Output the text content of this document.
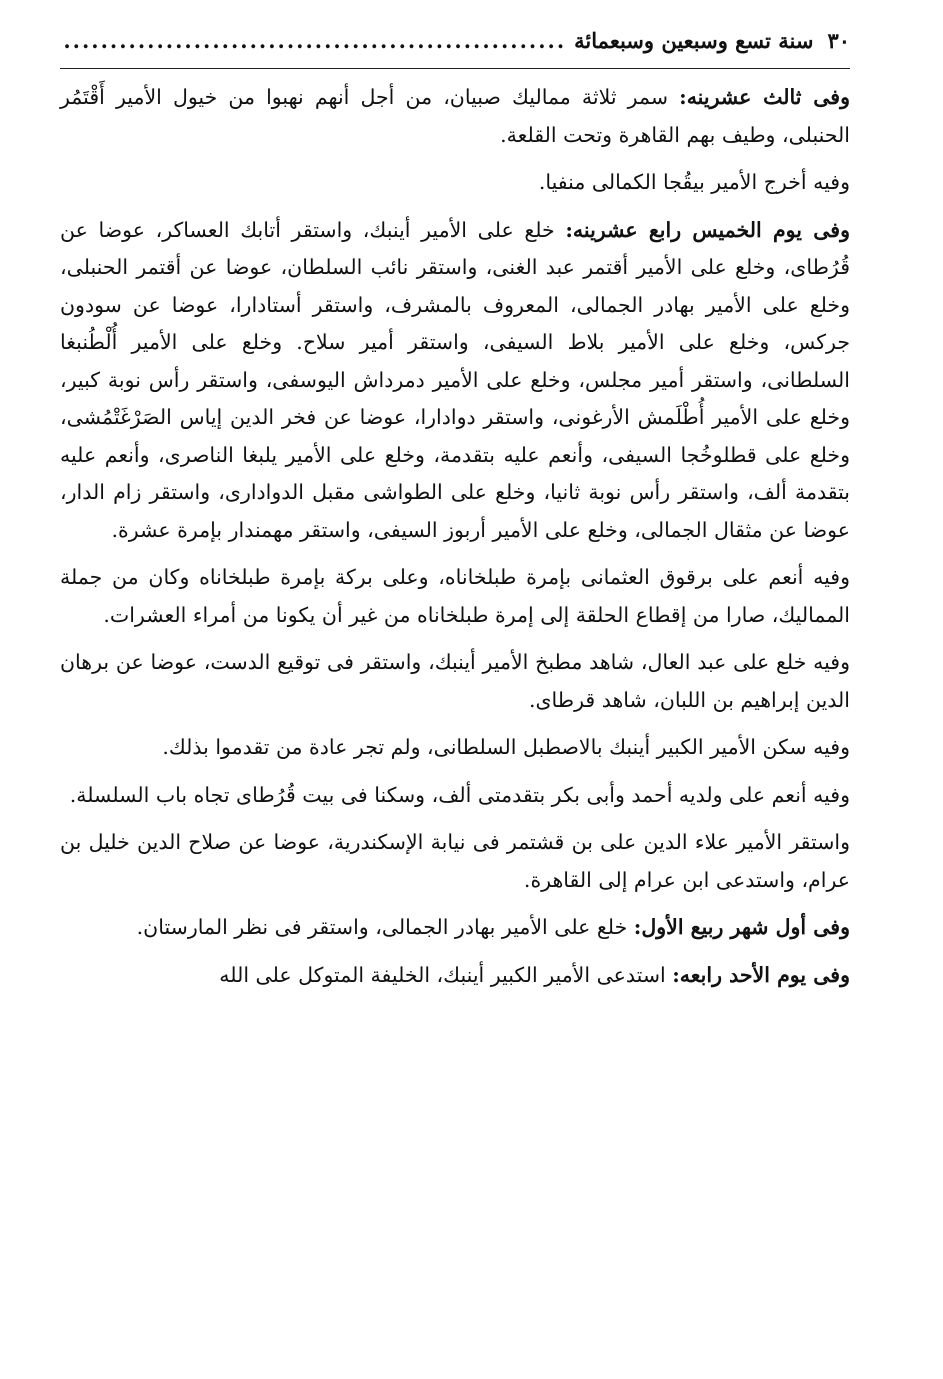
٣٠
سنة تسع وسبعين وسبعمائة
.....

وفى ثالث عشرينه: سمر ثلاثة مماليك صبيان، من أجل أنهم نهبوا من خيول الأمير أَقْتَمُر الحنبلى، وطيف بهم القاهرة وتحت القلعة.

وفيه أخرج الأمير بيقُجا الكمالى منفيا.

وفى يوم الخميس رابع عشرينه: خلع على الأمير أينبك، واستقر أتابك العساكر، عوضا عن قُرُطاى، وخلع على الأمير أقتمر عبد الغنى، واستقر نائب السلطان، عوضا عن أقتمر الحنبلى، وخلع على الأمير بهادر الجمالى، المعروف بالمشرف، واستقر أستادارا، عوضا عن سودون جركس، وخلع على الأمير بلاط السيفى، واستقر أمير سلاح. وخلع على الأمير أُلْطُنبغا السلطانى، واستقر أمير مجلس، وخلع على الأمير دمرداش اليوسفى، واستقر رأس نوبة كبير، وخلع على الأمير أُطْلَمش الأرغونى، واستقر دوادارا، عوضا عن فخر الدين إياس الصَرْغَتْمُشى، وخلع على قطلوخُجا السيفى، وأنعم عليه بتقدمة، وخلع على الأمير يلبغا الناصرى، وأنعم عليه بتقدمة ألف، واستقر رأس نوبة ثانيا، وخلع على الطواشى مقبل الدوادارى، واستقر زام الدار، عوضا عن مثقال الجمالى، وخلع على الأمير أربوز السيفى، واستقر مهمندار بإمرة عشرة.

وفيه أنعم على برقوق العثمانى بإمرة طبلخاناه، وعلى بركة بإمرة طبلخاناه وكان من جملة المماليك، صارا من إقطاع الحلقة إلى إمرة طبلخاناه من غير أن يكونا من أمراء العشرات.

وفيه خلع على عبد العال، شاهد مطبخ الأمير أينبك، واستقر فى توقيع الدست، عوضا عن برهان الدين إبراهيم بن اللبان، شاهد قرطاى.

وفيه سكن الأمير الكبير أينبك بالاصطبل السلطانى، ولم تجر عادة من تقدموا بذلك.

وفيه أنعم على ولديه أحمد وأبى بكر بتقدمتى ألف، وسكنا فى بيت قُرُطاى تجاه باب السلسلة.

واستقر الأمير علاء الدين على بن قشتمر فى نيابة الإسكندرية، عوضا عن صلاح الدين خليل بن عرام، واستدعى ابن عرام إلى القاهرة.

وفى أول شهر ربيع الأول: خلع على الأمير بهادر الجمالى، واستقر فى نظر المارستان.

وفى يوم الأحد رابعه: استدعى الأمير الكبير أينبك، الخليفة المتوكل على الله
